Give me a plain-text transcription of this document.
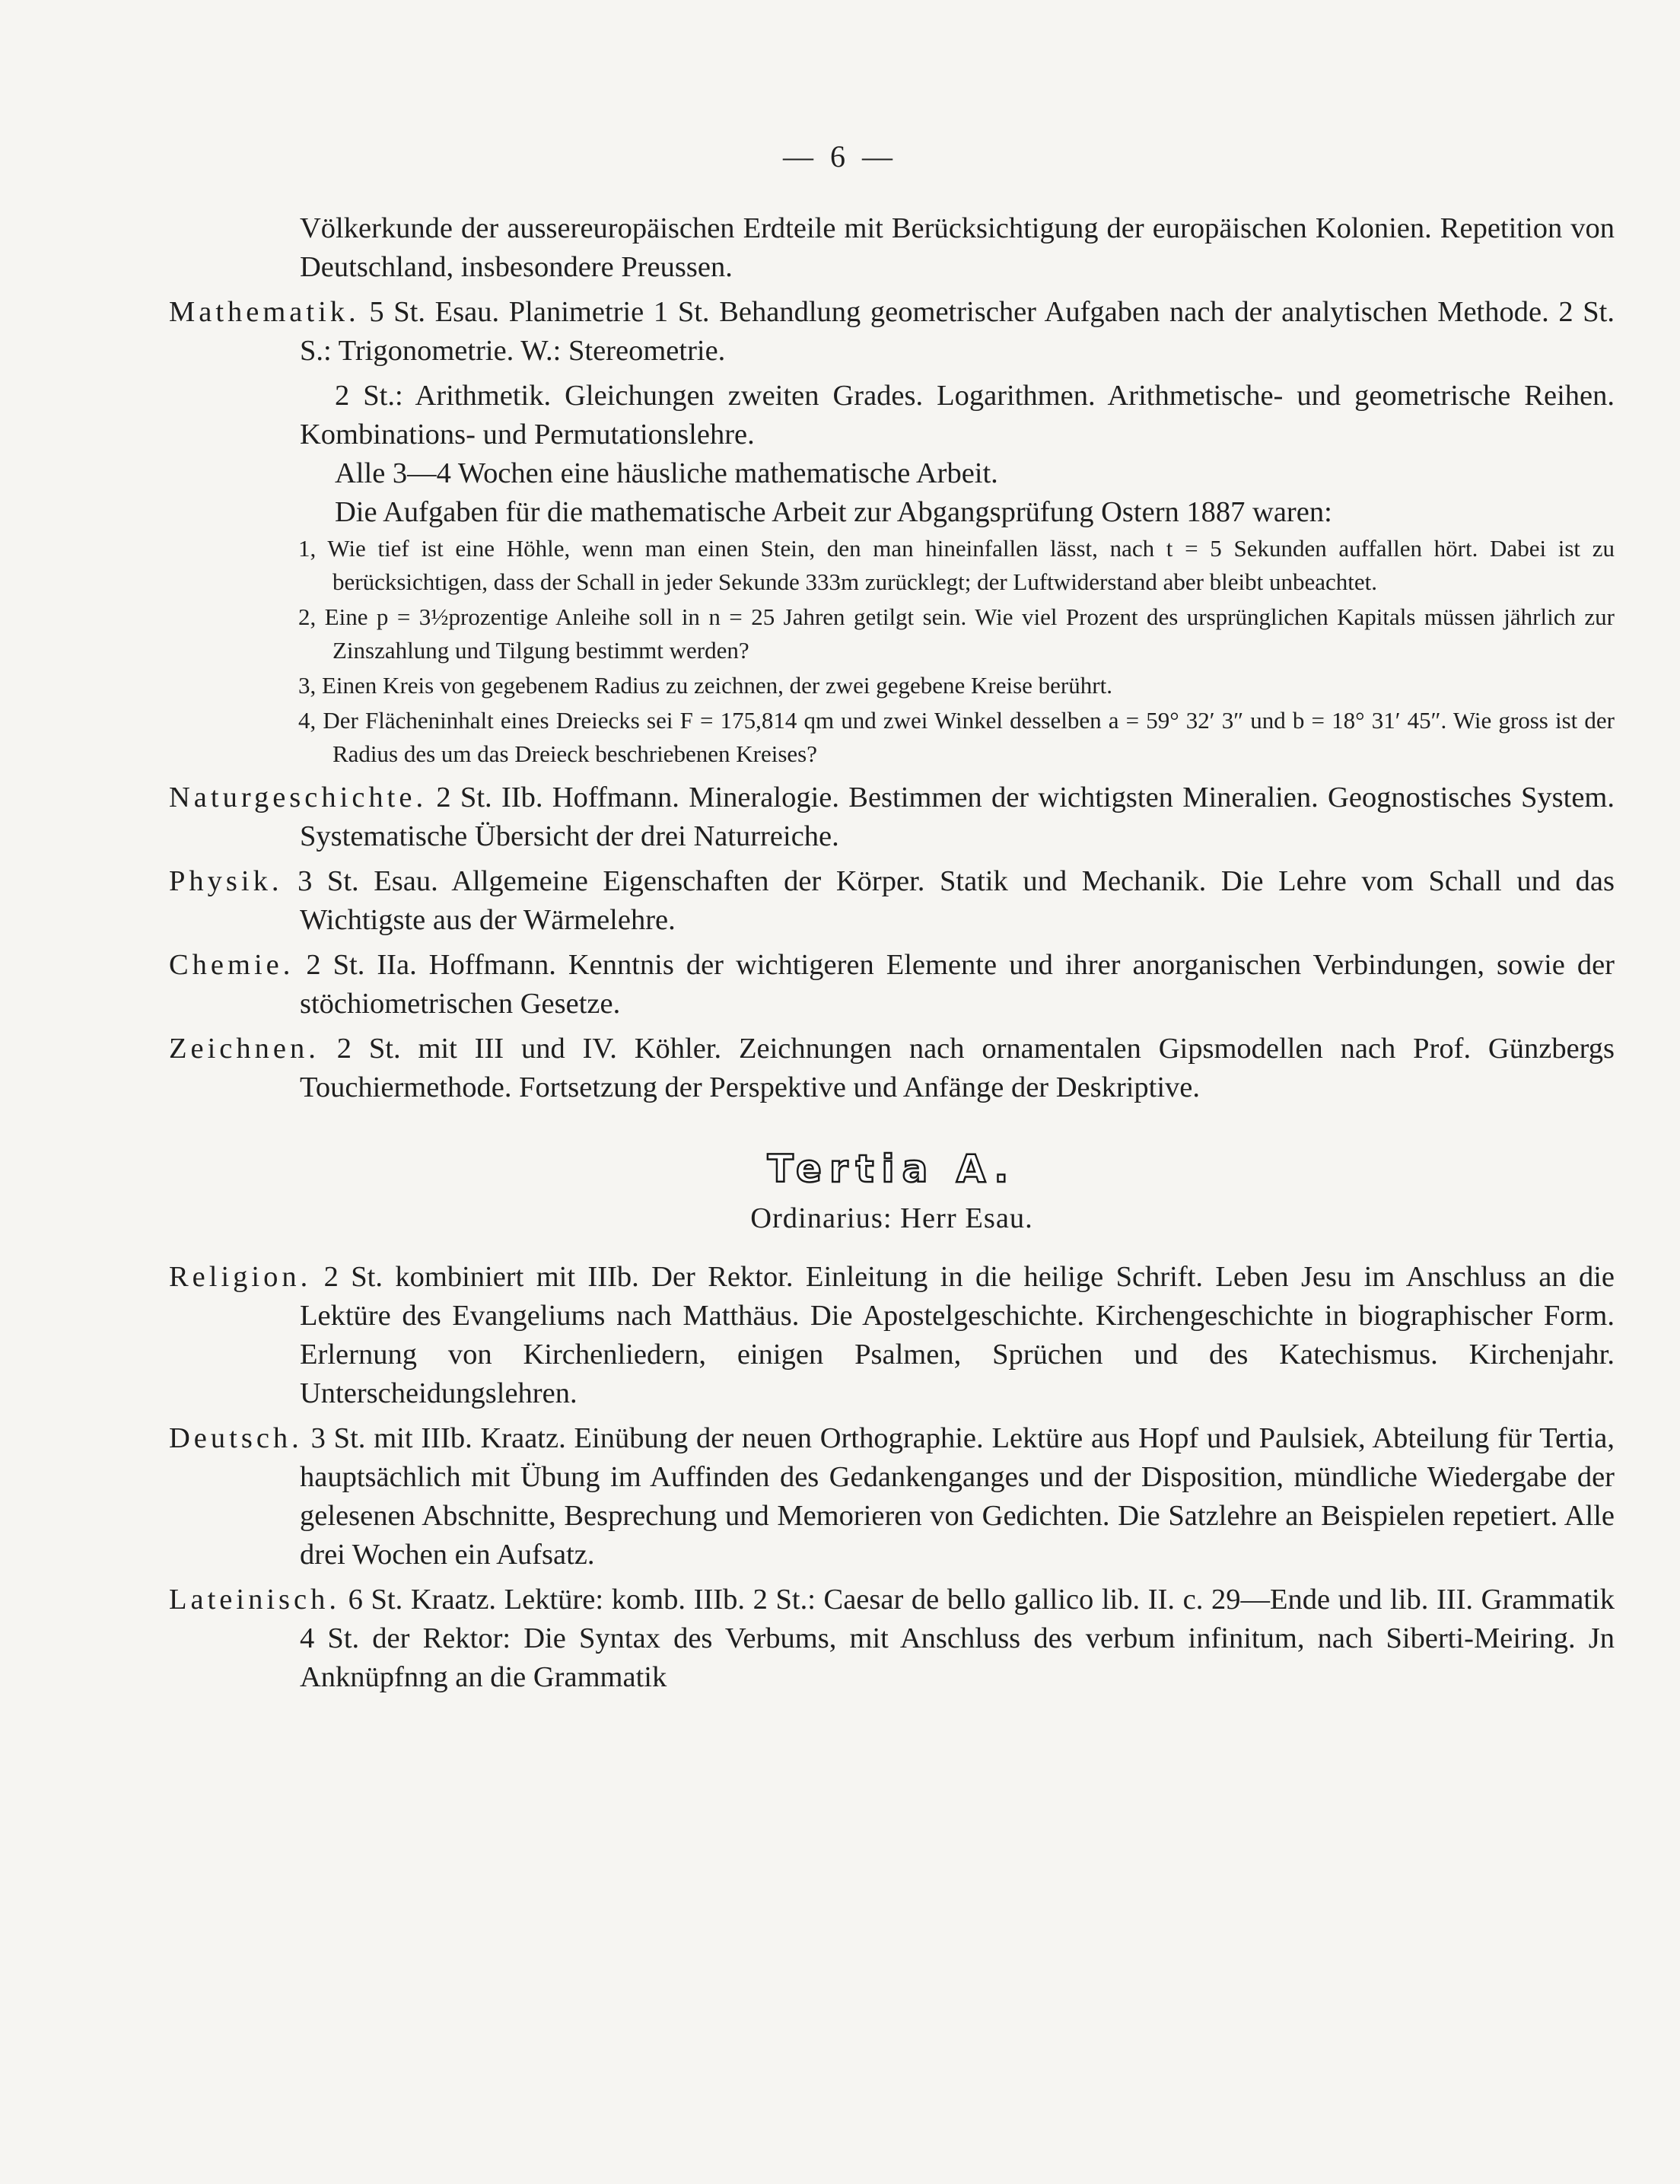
— 6 —
Völkerkunde der aussereuropäischen Erdteile mit Berücksichtigung der europäischen Kolonien. Repetition von Deutschland, insbesondere Preussen.
Mathematik. 5 St. Esau. Planimetrie 1 St. Behandlung geometrischer Aufgaben nach der analytischen Methode. 2 St. S.: Trigonometrie. W.: Stereometrie.
2 St.: Arithmetik. Gleichungen zweiten Grades. Logarithmen. Arithmetische- und geometrische Reihen. Kombinations- und Permutationslehre.
Alle 3—4 Wochen eine häusliche mathematische Arbeit.
Die Aufgaben für die mathematische Arbeit zur Abgangsprüfung Ostern 1887 waren:
1, Wie tief ist eine Höhle, wenn man einen Stein, den man hineinfallen lässt, nach t = 5 Sekunden auffallen hört. Dabei ist zu berücksichtigen, dass der Schall in jeder Sekunde 333m zurücklegt; der Luftwiderstand aber bleibt unbeachtet.
2, Eine p = 3½prozentige Anleihe soll in n = 25 Jahren getilgt sein. Wie viel Prozent des ursprünglichen Kapitals müssen jährlich zur Zinszahlung und Tilgung bestimmt werden?
3, Einen Kreis von gegebenem Radius zu zeichnen, der zwei gegebene Kreise berührt.
4, Der Flächeninhalt eines Dreiecks sei F = 175,814 qm und zwei Winkel desselben a = 59° 32′ 3″ und b = 18° 31′ 45″. Wie gross ist der Radius des um das Dreieck beschriebenen Kreises?
Naturgeschichte. 2 St. IIb. Hoffmann. Mineralogie. Bestimmen der wichtigsten Mineralien. Geognostisches System. Systematische Übersicht der drei Naturreiche.
Physik. 3 St. Esau. Allgemeine Eigenschaften der Körper. Statik und Mechanik. Die Lehre vom Schall und das Wichtigste aus der Wärmelehre.
Chemie. 2 St. IIa. Hoffmann. Kenntnis der wichtigeren Elemente und ihrer anorganischen Verbindungen, sowie der stöchiometrischen Gesetze.
Zeichnen. 2 St. mit III und IV. Köhler. Zeichnungen nach ornamentalen Gipsmodellen nach Prof. Günzbergs Touchiermethode. Fortsetzung der Perspektive und Anfänge der Deskriptive.
Tertia A.
Ordinarius: Herr Esau.
Religion. 2 St. kombiniert mit IIIb. Der Rektor. Einleitung in die heilige Schrift. Leben Jesu im Anschluss an die Lektüre des Evangeliums nach Matthäus. Die Apostelgeschichte. Kirchengeschichte in biographischer Form. Erlernung von Kirchenliedern, einigen Psalmen, Sprüchen und des Katechismus. Kirchenjahr. Unterscheidungslehren.
Deutsch. 3 St. mit IIIb. Kraatz. Einübung der neuen Orthographie. Lektüre aus Hopf und Paulsiek, Abteilung für Tertia, hauptsächlich mit Übung im Auffinden des Gedankenganges und der Disposition, mündliche Wiedergabe der gelesenen Abschnitte, Besprechung und Memorieren von Gedichten. Die Satzlehre an Beispielen repetiert. Alle drei Wochen ein Aufsatz.
Lateinisch. 6 St. Kraatz. Lektüre: komb. IIIb. 2 St.: Caesar de bello gallico lib. II. c. 29—Ende und lib. III. Grammatik 4 St. der Rektor: Die Syntax des Verbums, mit Anschluss des verbum infinitum, nach Siberti-Meiring. Jn Anknüpfnng an die Grammatik
